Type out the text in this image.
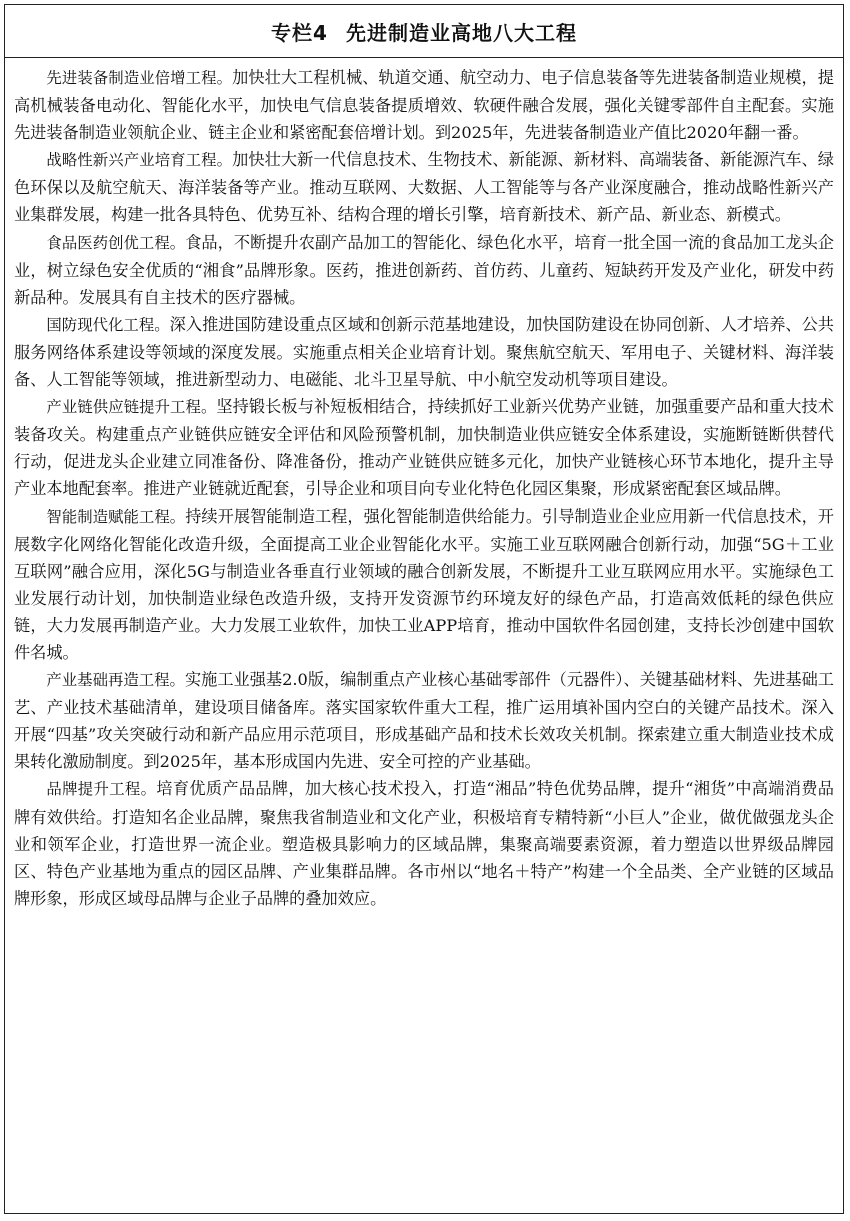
专栏4 先进制造业高地八大工程

先进装备制造业倍增工程。加快壮大工程机械、轨道交通、航空动力、电子信息装备等先进装备制造业规模，提高机械装备电动化、智能化水平，加快电气信息装备提质增效、软硬件融合发展，强化关键零部件自主配套。实施先进装备制造业领航企业、链主企业和紧密配套倍增计划。到2025年，先进装备制造业产值比2020年翻一番。

战略性新兴产业培育工程。加快壮大新一代信息技术、生物技术、新能源、新材料、高端装备、新能源汽车、绿色环保以及航空航天、海洋装备等产业。推动互联网、大数据、人工智能等与各产业深度融合，推动战略性新兴产业集群发展，构建一批各具特色、优势互补、结构合理的增长引擎，培育新技术、新产品、新业态、新模式。

食品医药创优工程。食品，不断提升农副产品加工的智能化、绿色化水平，培育一批全国一流的食品加工龙头企业，树立绿色安全优质的“湘食”品牌形象。医药，推进创新药、首仿药、儿童药、短缺药开发及产业化，研发中药新品种。发展具有自主技术的医疗器械。

国防现代化工程。深入推进国防建设重点区域和创新示范基地建设，加快国防建设在协同创新、人才培养、公共服务网络体系建设等领域的深度发展。实施重点相关企业培育计划。聚焦航空航天、军用电子、关键材料、海洋装备、人工智能等领域，推进新型动力、电磁能、北斗卫星导航、中小航空发动机等项目建设。

产业链供应链提升工程。坚持锻长板与补短板相结合，持续抓好工业新兴优势产业链，加强重要产品和重大技术装备攻关。构建重点产业链供应链安全评估和风险预警机制，加快制造业供应链安全体系建设，实施断链断供替代行动，促进龙头企业建立同准备份、降准备份，推动产业链供应链多元化，加快产业链核心环节本地化，提升主导产业本地配套率。推进产业链就近配套，引导企业和项目向专业化特色化园区集聚，形成紧密配套区域品牌。

智能制造赋能工程。持续开展智能制造工程，强化智能制造供给能力。引导制造业企业应用新一代信息技术，开展数字化网络化智能化改造升级，全面提高工业企业智能化水平。实施工业互联网融合创新行动，加强“5G＋工业互联网”融合应用，深化5G与制造业各垂直行业领域的融合创新发展，不断提升工业互联网应用水平。实施绿色工业发展行动计划，加快制造业绿色改造升级，支持开发资源节约环境友好的绿色产品，打造高效低耗的绿色供应链，大力发展再制造产业。大力发展工业软件，加快工业APP培育，推动中国软件名园创建，支持长沙创建中国软件名城。

产业基础再造工程。实施工业强基2.0版，编制重点产业核心基础零部件（元器件）、关键基础材料、先进基础工艺、产业技术基础清单，建设项目储备库。落实国家软件重大工程，推广运用填补国内空白的关键产品技术。深入开展“四基”攻关突破行动和新产品应用示范项目，形成基础产品和技术长效攻关机制。探索建立重大制造业技术成果转化激励制度。到2025年，基本形成国内先进、安全可控的产业基础。

品牌提升工程。培育优质产品品牌，加大核心技术投入，打造“湘品”特色优势品牌，提升“湘货”中高端消费品牌有效供给。打造知名企业品牌，聚焦我省制造业和文化产业，积极培育专精特新“小巨人”企业，做优做强龙头企业和领军企业，打造世界一流企业。塑造极具影响力的区域品牌，集聚高端要素资源，着力塑造以世界级品牌园区、特色产业基地为重点的园区品牌、产业集群品牌。各市州以“地名＋特产”构建一个全品类、全产业链的区域品牌形象，形成区域母品牌与企业子品牌的叠加效应。
